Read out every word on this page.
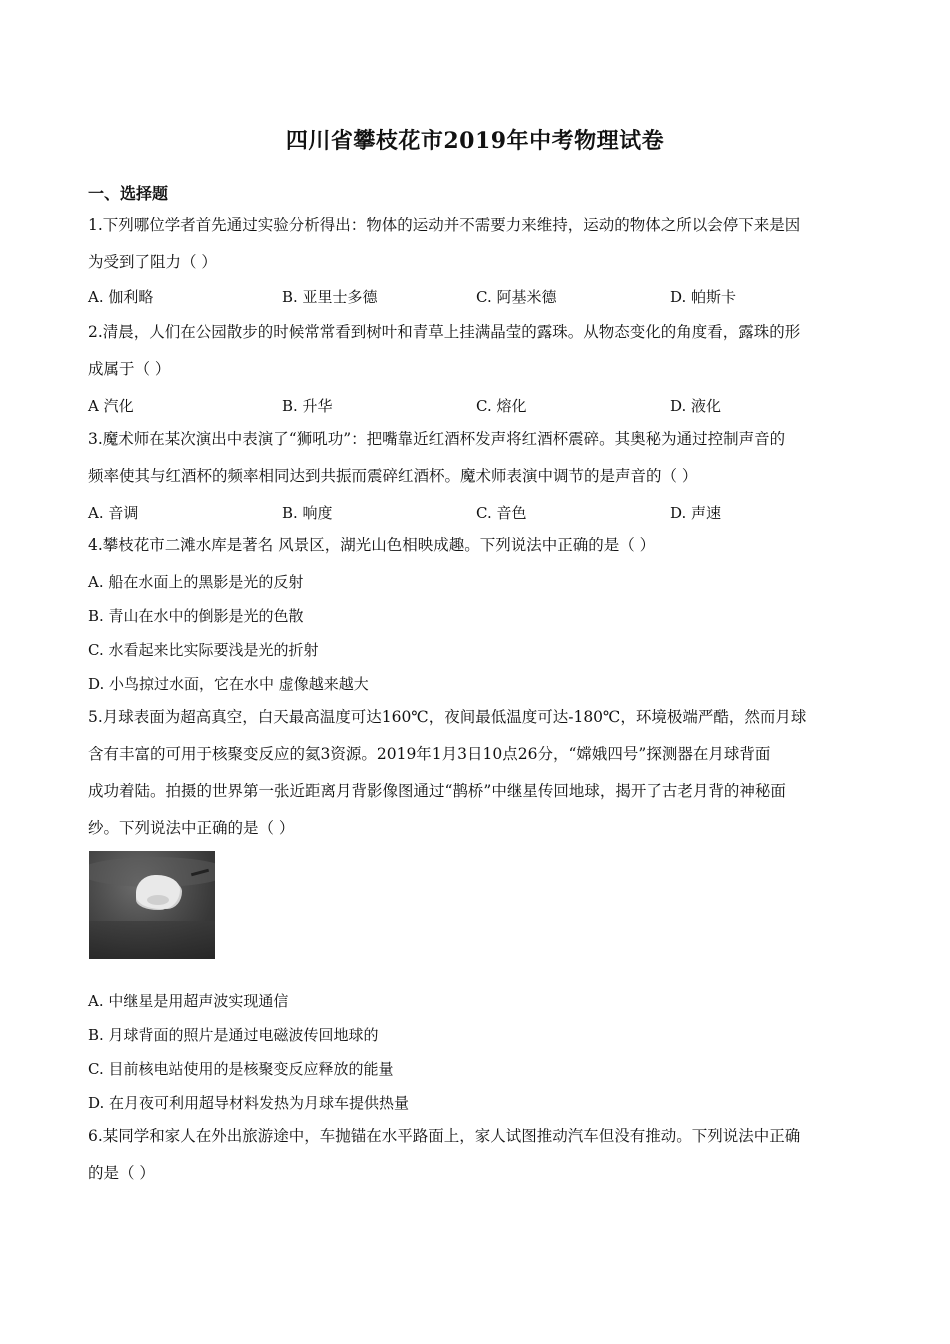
四川省攀枝花市2019年中考物理试卷
一、选择题
1.下列哪位学者首先通过实验分析得出：物体的运动并不需要力来维持，运动的物体之所以会停下来是因
为受到了阻力（ ）
A. 伽利略	B. 亚里士多德	C. 阿基米德	D. 帕斯卡
2.清晨，人们在公园散步的时候常常看到树叶和青草上挂满晶莹的露珠。从物态变化的角度看，露珠的形
成属于（ ）
A 汽化	B. 升华	C. 熔化	D. 液化
3.魔术师在某次演出中表演了“狮吼功”：把嘴靠近红酒杯发声将红酒杯震碎。其奥秘为通过控制声音的
频率使其与红酒杯的频率相同达到共振而震碎红酒杯。魔术师表演中调节的是声音的（ ）
A. 音调	B. 响度	C. 音色	D. 声速
4.攀枝花市二滩水库是著名 风景区，湖光山色相映成趣。下列说法中正确的是（ ）
A. 船在水面上的黑影是光的反射
B. 青山在水中的倒影是光的色散
C. 水看起来比实际要浅是光的折射
D. 小鸟掠过水面，它在水中 虚像越来越大
5.月球表面为超高真空，白天最高温度可达160℃，夜间最低温度可达-180℃，环境极端严酷，然而月球
含有丰富的可用于核聚变反应的氦3资源。2019年1月3日10点26分，“嫦娥四号”探测器在月球背面
成功着陆。拍摄的世界第一张近距离月背影像图通过“鹊桥”中继星传回地球，揭开了古老月背的神秘面
纱。下列说法中正确的是（ ）
A. 中继星是用超声波实现通信
B. 月球背面的照片是通过电磁波传回地球的
C. 目前核电站使用的是核聚变反应释放的能量
D. 在月夜可利用超导材料发热为月球车提供热量
6.某同学和家人在外出旅游途中，车抛锚在水平路面上，家人试图推动汽车但没有推动。下列说法中正确
的是（ ）
